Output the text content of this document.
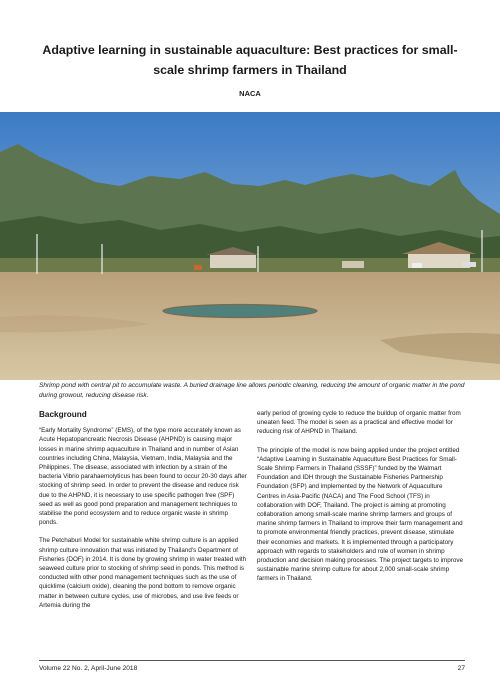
Adaptive learning in sustainable aquaculture: Best practices for small-scale shrimp farmers in Thailand
NACA

Shrimp pond with central pit to accumulate waste. A buried drainage line allows periodic cleaning, reducing the amount of organic matter in the pond during growout, reducing disease risk.

Background

“Early Mortality Syndrome” (EMS), of the type more accurately known as Acute Hepatopancreatic Necrosis Disease (AHPND) is causing major losses in marine shrimp aquaculture in Thailand and in number of Asian countries including China, Malaysia, Vietnam, India, Malaysia and the Philippines. The disease, associated with infection by a strain of the bacteria Vibrio parahaemolyticus has been found to occur 20-30 days after stocking of shrimp seed. In order to prevent the disease and reduce risk due to the AHPND, it is necessary to use specific pathogen free (SPF) seed as well as good pond preparation and management techniques to stabilise the pond ecosystem and to reduce organic waste in shrimp ponds.

The Petchaburi Model for sustainable white shrimp culture is an applied shrimp culture innovation that was initiated by Thailand’s Department of Fisheries (DOF) in 2014. It is done by growing shrimp in water treated with seaweed culture prior to stocking of shrimp seed in ponds. This method is conducted with other pond management techniques such as the use of quicklime (calcium oxide), cleaning the pond bottom to remove organic matter in between culture cycles, use of microbes, and use live feeds or Artemia during the

early period of growing cycle to reduce the buildup of organic matter from uneaten feed. The model is seen as a practical and effective model for reducing risk of AHPND in Thailand.

The principle of the model is now being applied under the project entitled “Adaptive Learning in Sustainable Aquaculture Best Practices for Small-Scale Shrimp Farmers in Thailand (SSSF)” funded by the Walmart Foundation and IDH through the Sustainable Fisheries Partnership Foundation (SFP) and implemented by the Network of Aquaculture Centres in Asia-Pacific (NACA) and The Food School (TFS) in collaboration with DOF, Thailand. The project is aiming at promoting collaboration among small-scale marine shrimp farmers and groups of marine shrimp farmers in Thailand to improve their farm management and to promote environmental friendly practices, prevent disease, stimulate their economies and markets. It is implemented through a participatory approach with regards to stakeholders and role of women in shrimp production and decision making processes. The project targets to improve sustainable marine shrimp culture for about 2,000 small-scale shrimp farmers in Thailand.

Volume 22 No. 2, April-June 2018	27
